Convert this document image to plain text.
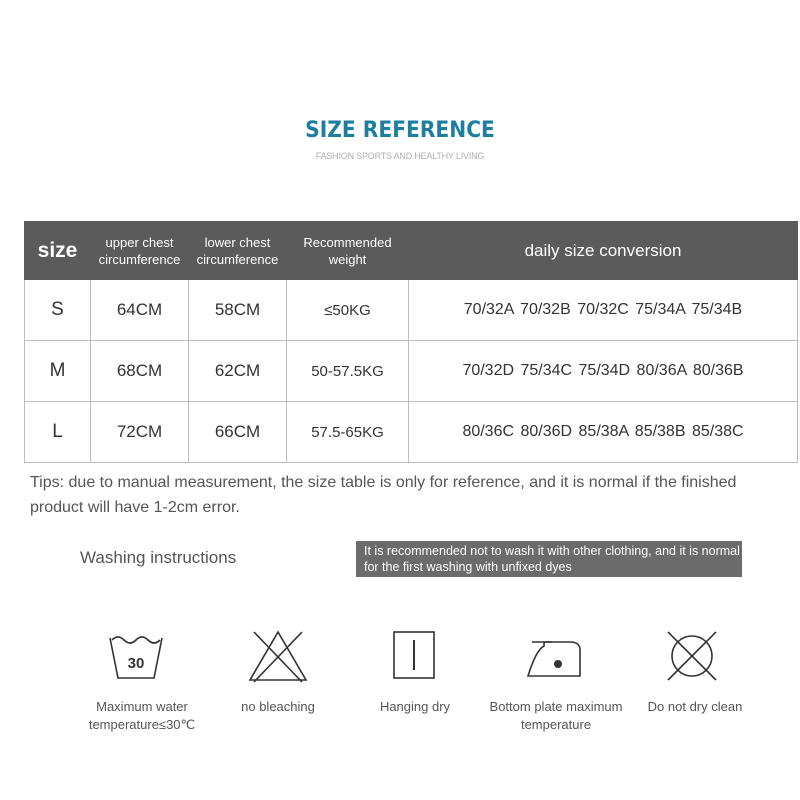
SIZE REFERENCE
FASHION SPORTS AND HEALTHY LIVING
size	upper chest circumference	lower chest circumference	Recommended weight	daily size conversion
S	64CM	58CM	≤50KG	70/32A 70/32B 70/32C 75/34A 75/34B
M	68CM	62CM	50-57.5KG	70/32D 75/34C 75/34D 80/36A 80/36B
L	72CM	66CM	57.5-65KG	80/36C 80/36D 85/38A 85/38B 85/38C
Tips: due to manual measurement, the size table is only for reference, and it is normal if the finished product will have 1-2cm error.
Washing instructions	It is recommended not to wash it with other clothing, and it is normal for the first washing with unfixed dyes
30
Maximum water temperature≤30℃
no bleaching	Hanging dry	Bottom plate maximum temperature
Do not dry clean
